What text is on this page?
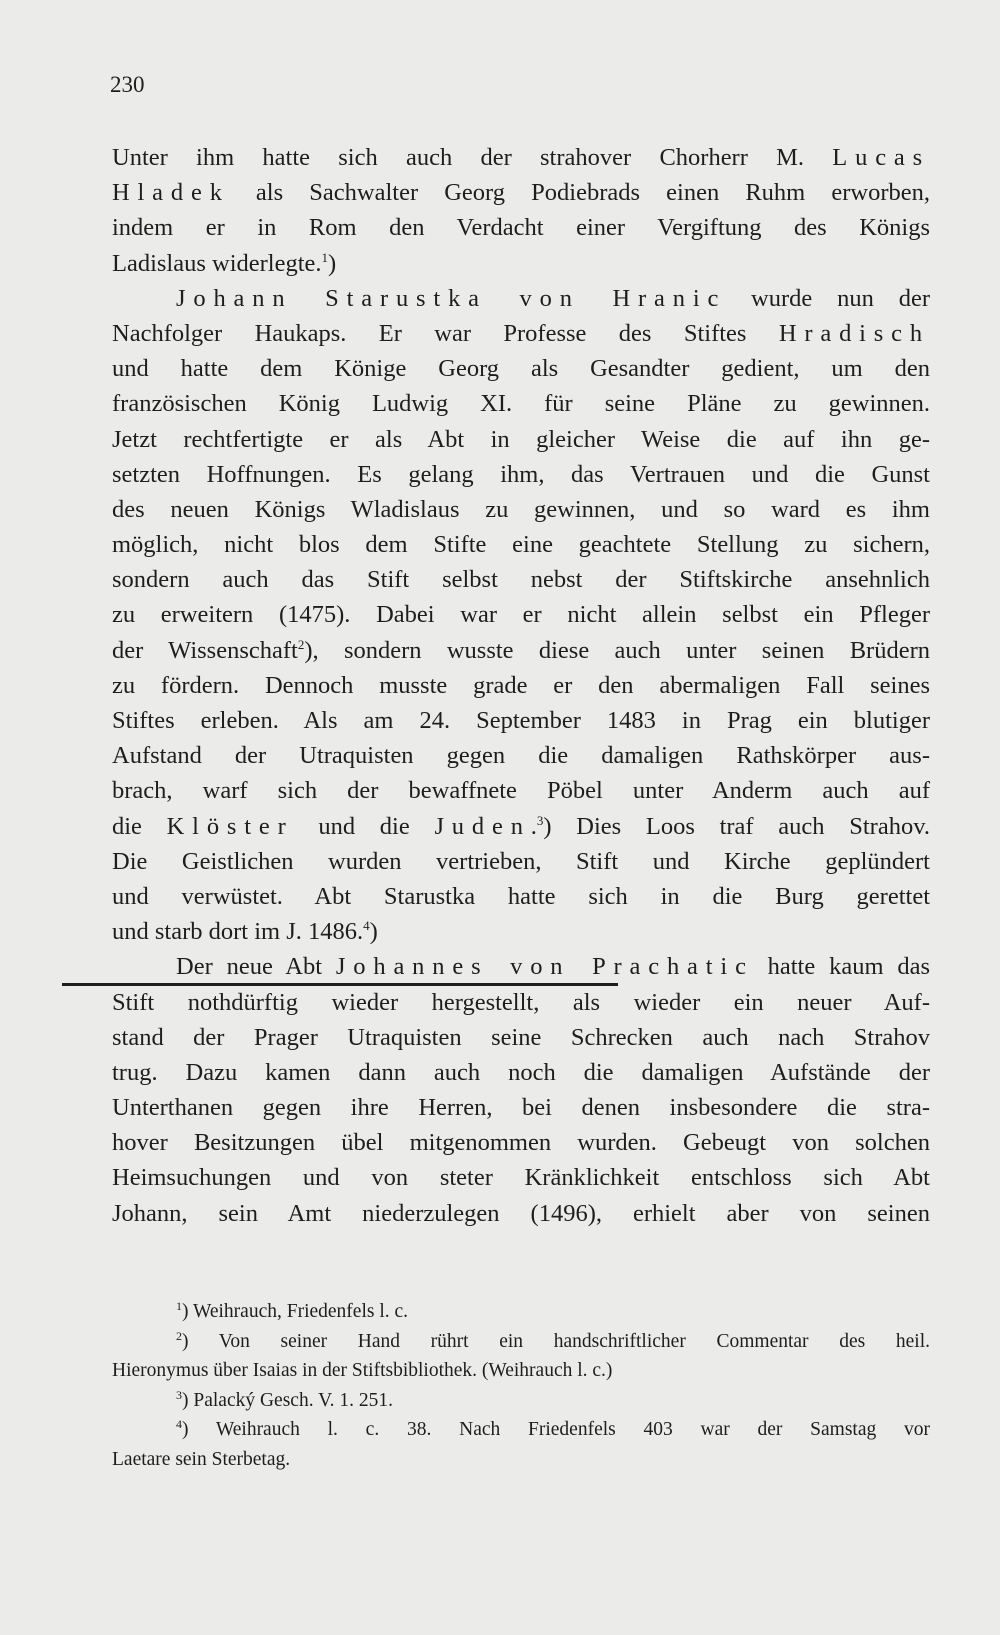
230
Unter ihm hatte sich auch der strahover Chorherr M. Lucas
Hladek als Sachwalter Georg Podiebrads einen Ruhm erworben,
indem er in Rom den Verdacht einer Vergiftung des Königs
Ladislaus widerlegte.$^1$)
Johann Starustka von Hranic wurde nun der
Nachfolger Haukaps. Er war Professe des Stiftes Hradisch
und hatte dem Könige Georg als Gesandter gedient, um den
französischen König Ludwig XI. für seine Pläne zu gewinnen.
Jetzt rechtfertigte er als Abt in gleicher Weise die auf ihn ge-
setzten Hoffnungen. Es gelang ihm, das Vertrauen und die Gunst
des neuen Königs Wladislaus zu gewinnen, und so ward es ihm
möglich, nicht blos dem Stifte eine geachtete Stellung zu sichern,
sondern auch das Stift selbst nebst der Stiftskirche ansehnlich
zu erweitern (1475). Dabei war er nicht allein selbst ein Pfleger
der Wissenschaft$^2$), sondern wusste diese auch unter seinen Brüdern
zu fördern. Dennoch musste grade er den abermaligen Fall seines
Stiftes erleben. Als am 24. September 1483 in Prag ein blutiger
Aufstand der Utraquisten gegen die damaligen Rathskörper aus-
brach, warf sich der bewaffnete Pöbel unter Anderm auch auf
die Klöster und die Juden.$^3$) Dies Loos traf auch Strahov.
Die Geistlichen wurden vertrieben, Stift und Kirche geplündert
und verwüstet. Abt Starustka hatte sich in die Burg gerettet
und starb dort im J. 1486.$^4$)
Der neue Abt Johannes von Prachatic hatte kaum das
Stift nothdürftig wieder hergestellt, als wieder ein neuer Auf-
stand der Prager Utraquisten seine Schrecken auch nach Strahov
trug. Dazu kamen dann auch noch die damaligen Aufstände der
Unterthanen gegen ihre Herren, bei denen insbesondere die stra-
hover Besitzungen übel mitgenommen wurden. Gebeugt von solchen
Heimsuchungen und von steter Kränklichkeit entschloss sich Abt
Johann, sein Amt niederzulegen (1496), erhielt aber von seinen
$^1$) Weihrauch, Friedenfels l. c.
$^2$) Von seiner Hand rührt ein handschriftlicher Commentar des heil.
Hieronymus über Isaias in der Stiftsbibliothek. (Weihrauch l. c.)
$^3$) Palacký Gesch. V. 1. 251.
$^4$) Weihrauch l. c. 38. Nach Friedenfels 403 war der Samstag vor
Laetare sein Sterbetag.
